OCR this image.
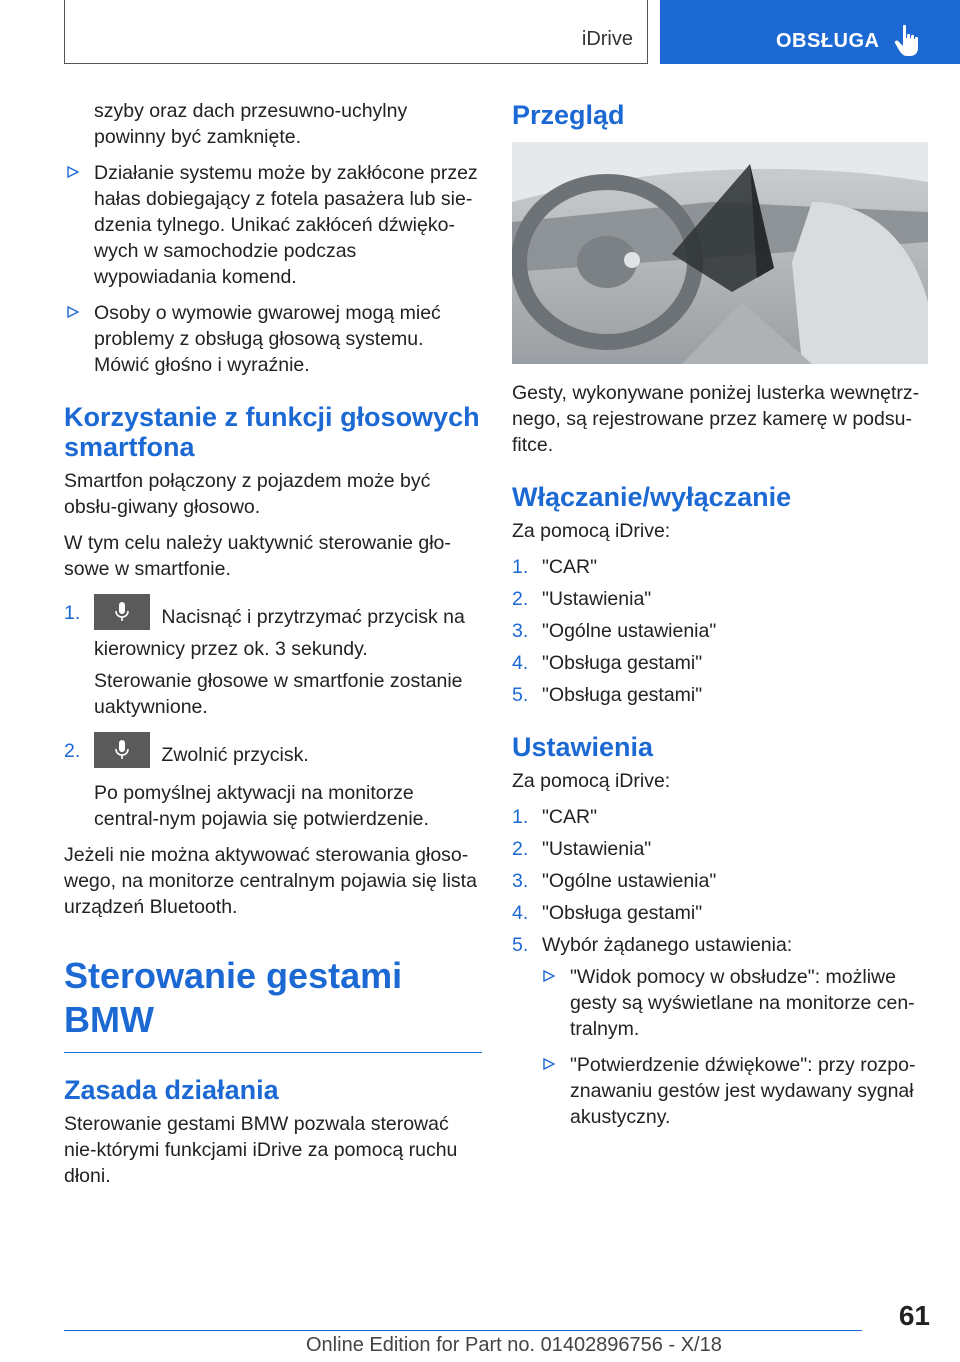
iDrive	OBSŁUGA

szyby oraz dach przesuwno-uchylny powinny być zamknięte.

Działanie systemu może by zakłócone przez hałas dobiegający z fotela pasażera lub sie-dzenia tylnego. Unikać zakłóceń dźwięko-wych w samochodzie podczas wypowiadania komend.
Osoby o wymowie gwarowej mogą mieć problemy z obsługą głosową systemu. Mówić głośno i wyraźnie.
Korzystanie z funkcji głosowych smartfona

Smartfon połączony z pojazdem może być obsłu-giwany głosowo.

W tym celu należy uaktywnić sterowanie gło-sowe w smartfonie.

1.	Nacisnąć i przytrzymać przycisk na kierownicy przez ok. 3 sekundy.

Sterowanie głosowe w smartfonie zostanie uaktywnione.

2.	Zwolnić przycisk.

Po pomyślnej aktywacji na monitorze central-nym pojawia się potwierdzenie.

Jeżeli nie można aktywować sterowania głoso-wego, na monitorze centralnym pojawia się lista urządzeń Bluetooth.

Sterowanie gestami BMW
Zasada działania

Sterowanie gestami BMW pozwala sterować nie-którymi funkcjami iDrive za pomocą ruchu dłoni.

Przegląd

Gesty, wykonywane poniżej lusterka wewnętrz-nego, są rejestrowane przez kamerę w podsu-fitce.

Włączanie/wyłączanie

Za pomocą iDrive:

1. "CAR"
2. "Ustawienia"
3. "Ogólne ustawienia"
4. "Obsługa gestami"
5. "Obsługa gestami"
Ustawienia

Za pomocą iDrive:

1. "CAR"
2. "Ustawienia"
3. "Ogólne ustawienia"
4. "Obsługa gestami"
5. Wybór żądanego ustawienia:
"Widok pomocy w obsłudze": możliwe gesty są wyświetlane na monitorze cen-tralnym.
"Potwierdzenie dźwiękowe": przy rozpo-znawaniu gestów jest wydawany sygnał akustyczny.
61
Online Edition for Part no. 01402896756 - X/18
